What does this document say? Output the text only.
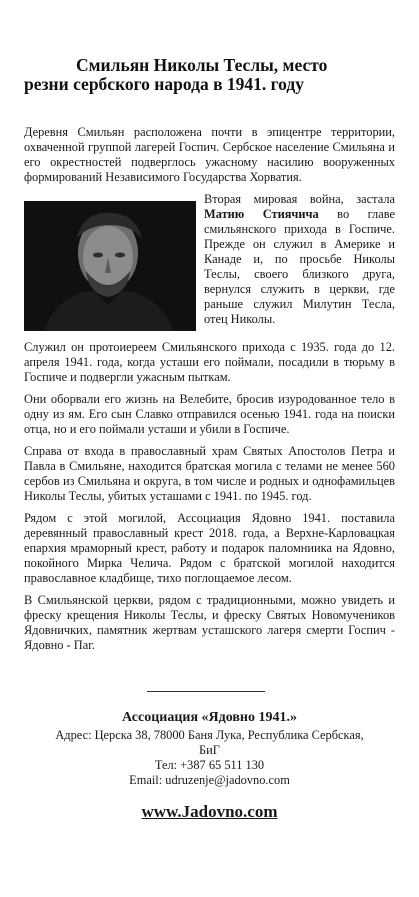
Смильян Николы Теслы, место
резни сербского народа в 1941. году

Деревня Смильян расположена почти в эпицентре территории, охваченной группой лагерей Госпич. Сербское население Смильяна и его окрестностей подверглось ужасному насилию вооруженных формирований Независимого Государства Хорватия.

Вторая мировая война, застала Матию Стиячича во главе смильянского прихода в Госпиче. Прежде он служил в Америке и Канаде и, по просьбе Николы Теслы, своего близкого друга, вернулся служить в церкви, где раньше служил Милутин Тесла, отец Николы.

Служил он протоиереем Смильянского прихода с 1935. года до 12. апреля 1941. года, когда усташи его поймали, посадили в тюрьму в Госпиче и подвергли ужасным пыткам.

Они оборвали его жизнь на Велебите, бросив изуродованное тело в одну из ям. Его сын Славко отправился осенью 1941. года на поиски отца, но и его поймали усташи и убили в Госпиче.

Справа от входа в православный храм Святых Апостолов Петра и Павла в Смильяне, находится братская могила с телами не менее 560 сербов из Смильяна и округа, в том числе и родных и однофамильцев Николы Теслы, убитых усташами с 1941. по 1945. год.

Рядом с этой могилой, Ассоциация Ядовно 1941. поставила деревянный православный крест 2018. года, а Верхне-Карловацкая епархия мраморный крест, работу и подарок паломниика на Ядовно, покойного Мирка Челича. Рядом с братской могилой находится православное кладбище, тихо поглощаемое лесом.

В Смильянской церкви, рядом с традиционными, можно увидеть и фреску крещения Николы Теслы, и фреску Святых Новомучеников Ядовничких, памятник жертвам усташского лагеря смерти Госпич - Ядовно - Паг.

Ассоциация «Ядовно 1941.»
Адрес: Церска 38, 78000 Баня Лука, Республика Сербская,
БиГ
Тел: +387 65 511 130
Email: udruzenje@jadovno.com
www.Jadovno.com
